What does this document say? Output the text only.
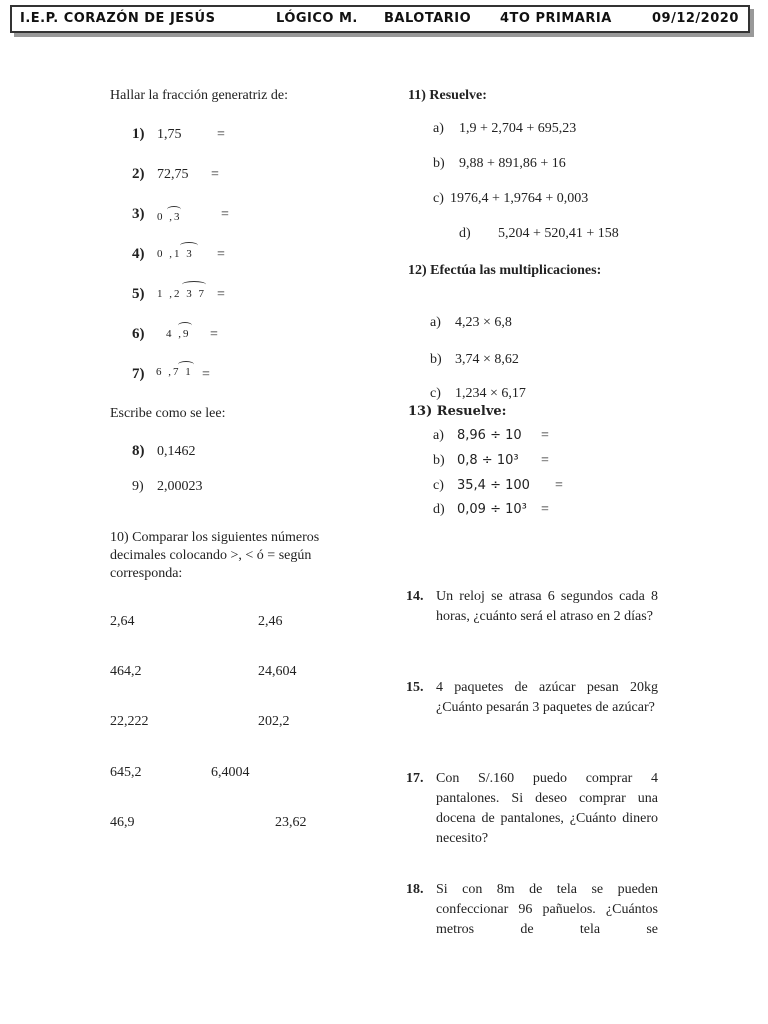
I.E.P. CORAZÓN DE JESÚS	LÓGICO M. BALOTARIO 4TO PRIMARIA	09/12/2020
Hallar la fracción generatriz de:
1) 1,75	=
2) 72,75 =
3) 0 ,3	=
4) 0 ,1 3 =
5) 1 ,2 3 7 =
6) 4 ,9 =
7) 6 ,7 1 =
Escribe como se lee:
8) 0,1462
9) 2,00023
10) Comparar los siguientes números
decimales colocando >, < ó = según
corresponda:
2,64	2,46
464,2	24,604
22,222	202,2
645,2	6,4004
46,9	23,62
11) Resuelve:
a) 1,9 + 2,704 + 695,23
b) 9,88 + 891,86 + 16
c) 1976,4 + 1,9764 + 0,003
d) 5,204 + 520,41 + 158
12) Efectúa las multiplicaciones:
a) 4,23 × 6,8
b) 3,74 × 8,62
c) 1,234 × 6,17
13) Resuelve:
a) 8,96 ÷ 10 =
b) 0,8 ÷ 10³ =
c) 35,4 ÷ 100 =
d) 0,09 ÷ 10³ =
14. Un reloj se atrasa 6 segundos cada 8 horas, ¿cuánto será el atraso en 2 días?
15. 4 paquetes de azúcar pesan 20kg ¿Cuánto pesarán 3 paquetes de azúcar?
17. Con S/.160 puedo comprar 4 pantalones. Si deseo comprar una docena de pantalones, ¿Cuánto dinero necesito?
18. Si con 8m de tela se pueden confeccionar 96 pañuelos. ¿Cuántos metros de tela se
